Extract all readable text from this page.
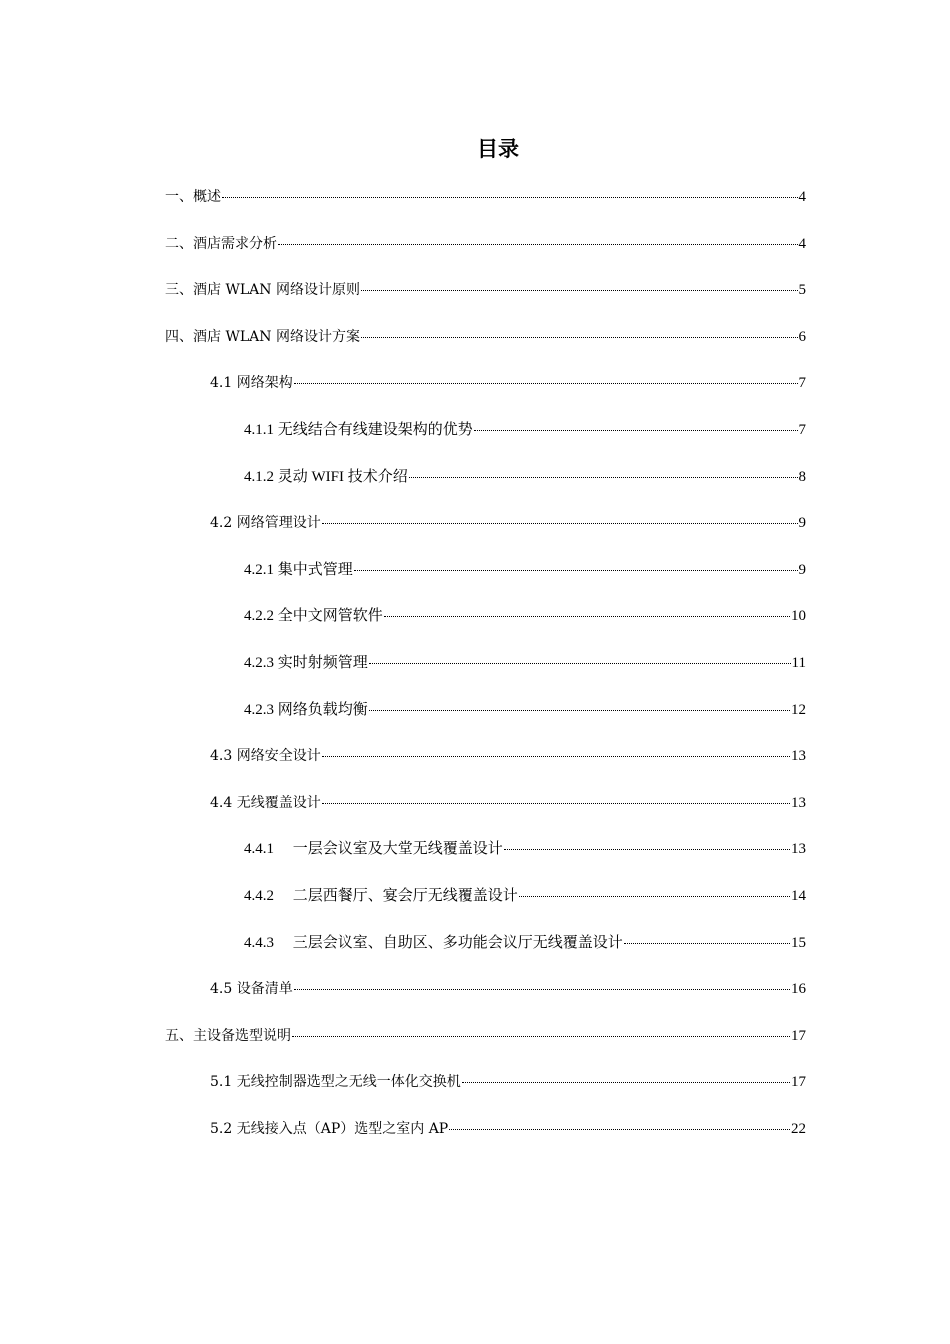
目录
一、概述	4
二、酒店需求分析	4
三、酒店 WLAN 网络设计原则	5
四、酒店 WLAN 网络设计方案	6
4.1 网络架构	7
4.1.1 无线结合有线建设架构的优势	7
4.1.2 灵动 WIFI 技术介绍	8
4.2 网络管理设计	9
4.2.1 集中式管理	9
4.2.2 全中文网管软件	10
4.2.3 实时射频管理	11
4.2.3 网络负载均衡	12
4.3 网络安全设计	13
4.4 无线覆盖设计	13
4.4.1　 一层会议室及大堂无线覆盖设计	13
4.4.2　 二层西餐厅、宴会厅无线覆盖设计	14
4.4.3　 三层会议室、自助区、多功能会议厅无线覆盖设计	15
4.5 设备清单	16
五、主设备选型说明	17
5.1 无线控制器选型之无线一体化交换机	17
5.2 无线接入点（AP）选型之室内 AP	22
